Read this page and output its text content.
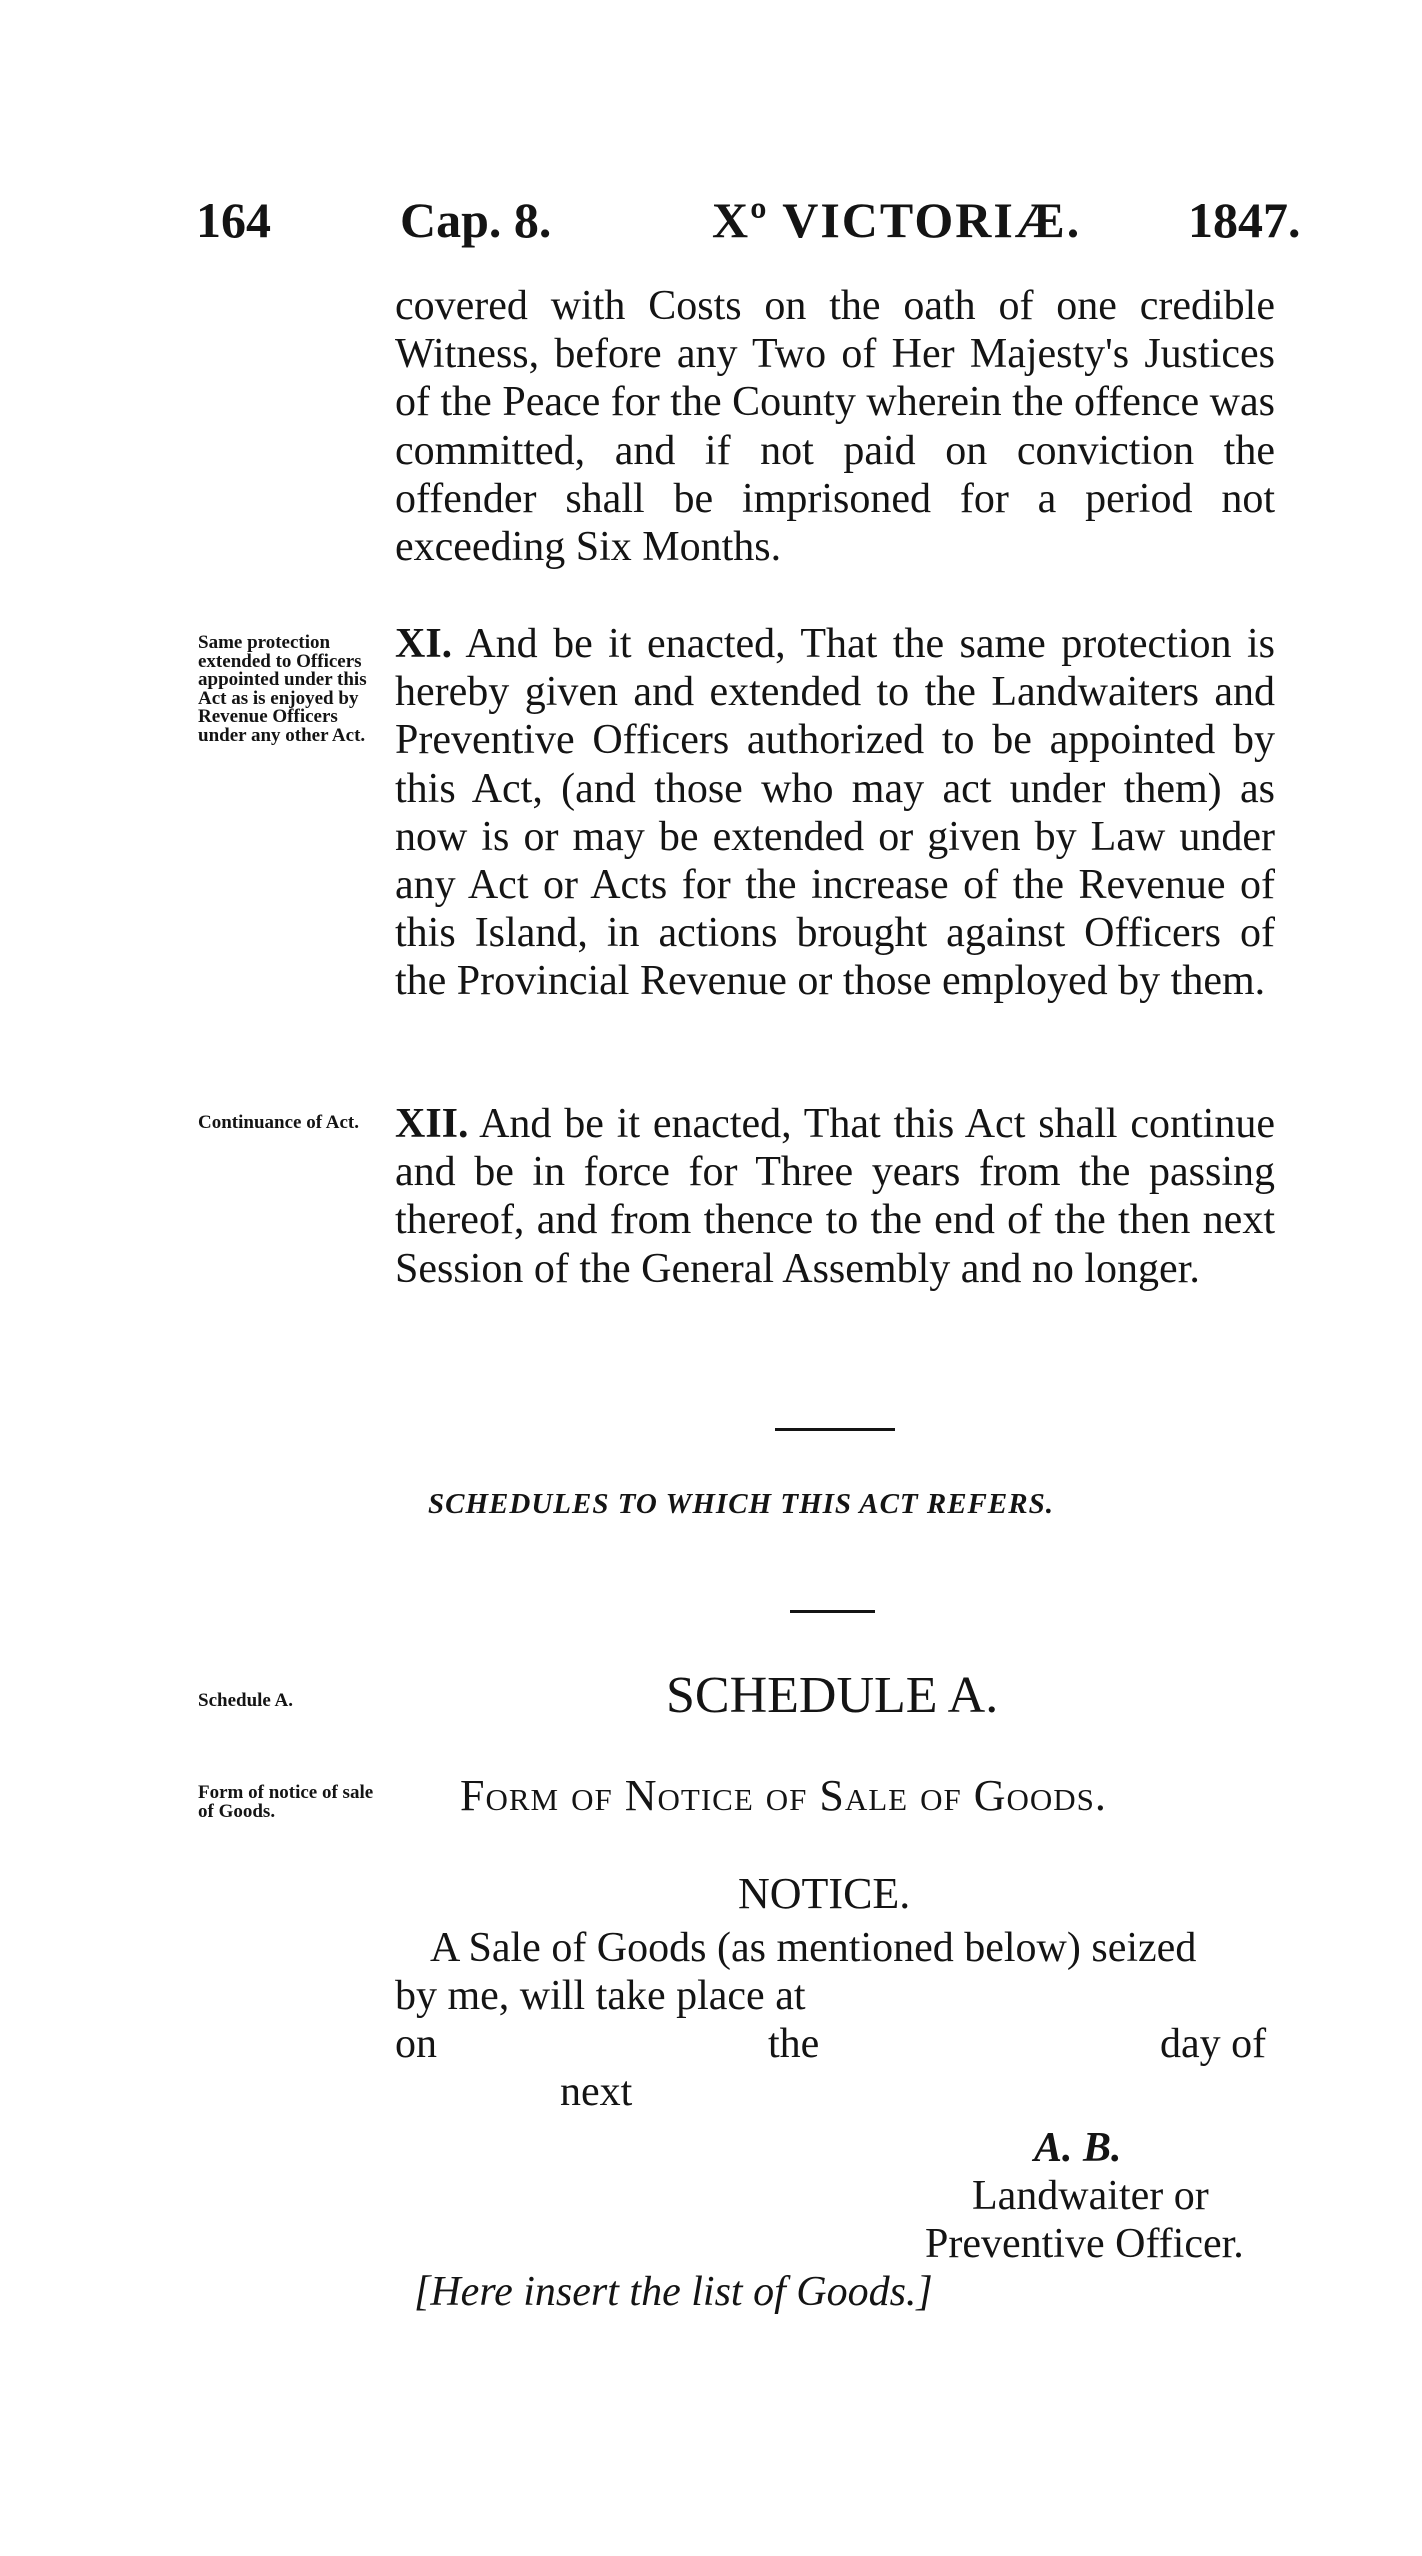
164	Cap. 8.	Xº VICTORIÆ. 1847.

covered with Costs on the oath of one credible Witness, before any Two of Her Majesty's Justices of the Peace for the County wherein the offence was committed, and if not paid on conviction the offender shall be imprisoned for a period not exceeding Six Months.

Same protection extended to Officers appointed under this Act as is enjoyed by Revenue Officers under any other Act.

XI. And be it enacted, That the same protection is hereby given and extended to the Landwaiters and Preventive Officers authorized to be appointed by this Act, (and those who may act under them) as now is or may be extended or given by Law under any Act or Acts for the increase of the Revenue of this Island, in actions brought against Officers of the Provincial Revenue or those employed by them.

Continuance of Act. XII. And be it enacted, That this Act shall continue and be in force for Three years from the passing thereof, and from thence to the end of the then next Session of the General Assembly and no longer.

SCHEDULES TO WHICH THIS ACT REFERS.
Schedule A.	SCHEDULE A.
Form of notice of sale of Goods.	Form of Notice of Sale of Goods.
NOTICE.
A Sale of Goods (as mentioned below) seized
by me, will take place at
on	the	day of
next
A. B.
Landwaiter or
Preventive Officer.
[Here insert the list of Goods.]
